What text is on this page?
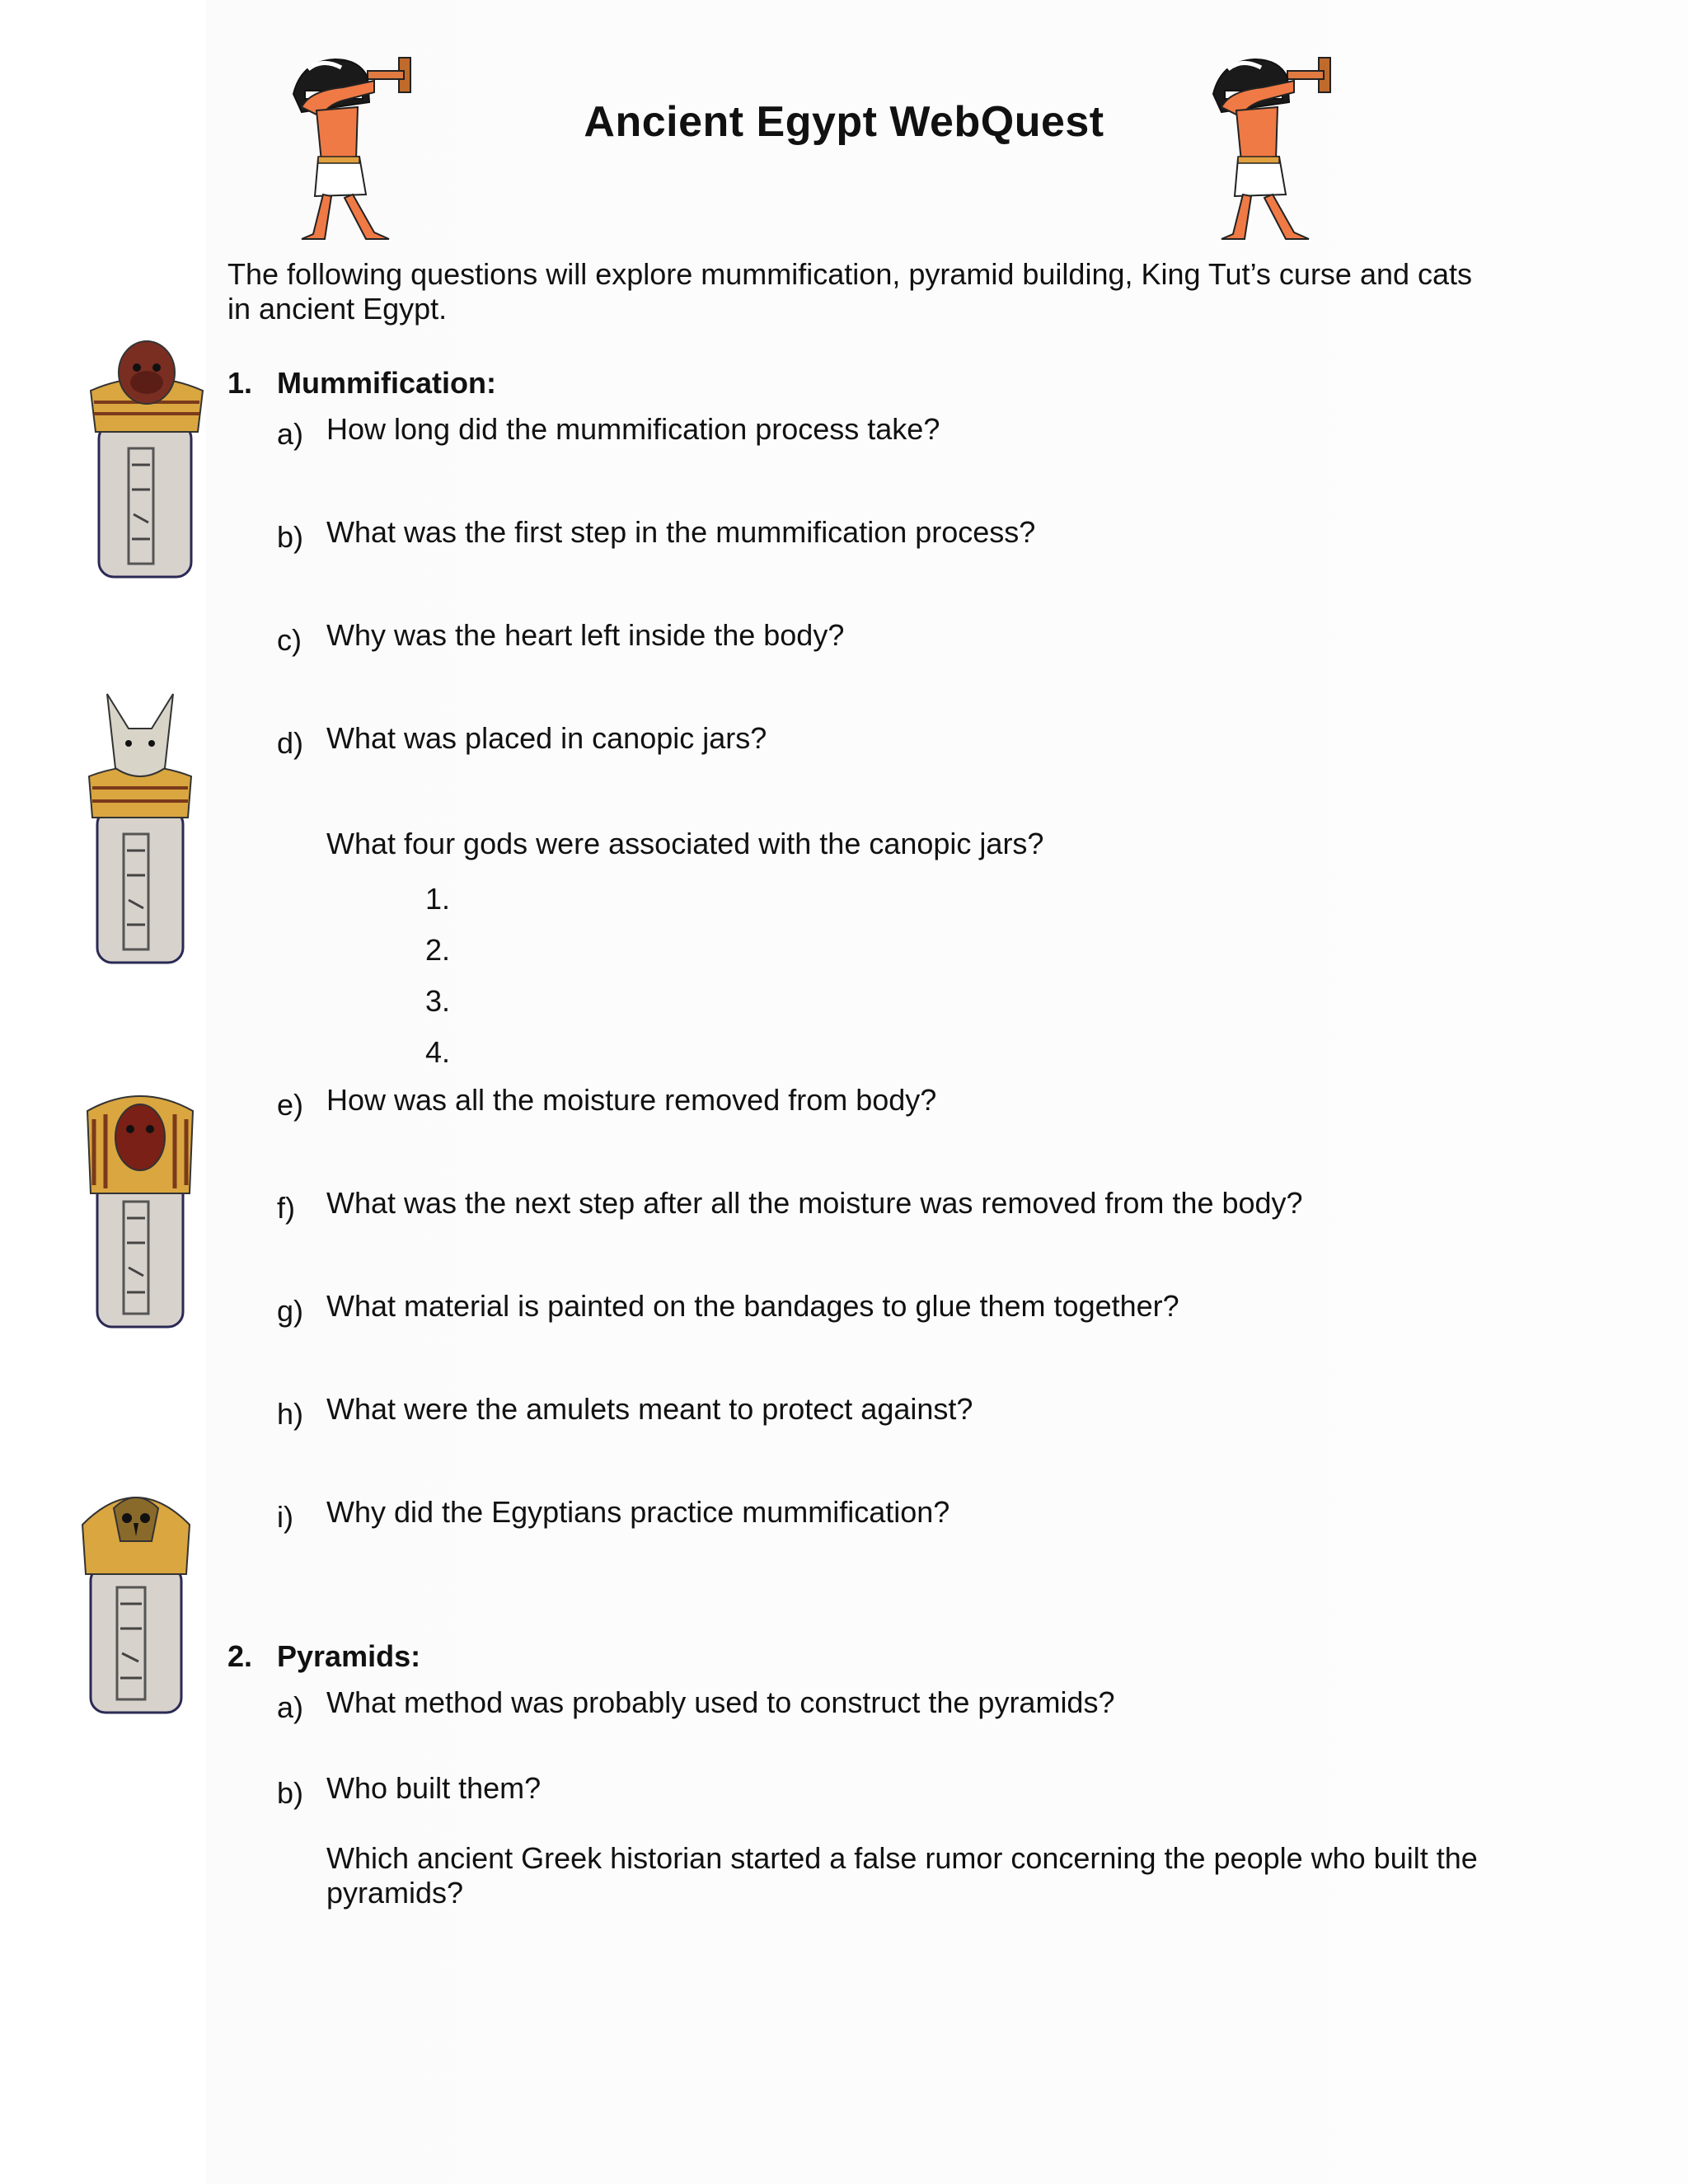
Ancient Egypt WebQuest
The following questions will explore mummification, pyramid building, King Tut’s curse and cats in ancient Egypt.
1. Mummification:
a) How long did the mummification process take?
b) What was the first step in the mummification process?
c) Why was the heart left inside the body?
d) What was placed in canopic jars?
What four gods were associated with the canopic jars?
1.
2.
3.
4.
e) How was all the moisture removed from body?
f) What was the next step after all the moisture was removed from the body?
g) What material is painted on the bandages to glue them together?
h) What were the amulets meant to protect against?
i) Why did the Egyptians practice mummification?
2. Pyramids:
a) What method was probably used to construct the pyramids?
b) Who built them?
Which ancient Greek historian started a false rumor concerning the people who built the pyramids?
